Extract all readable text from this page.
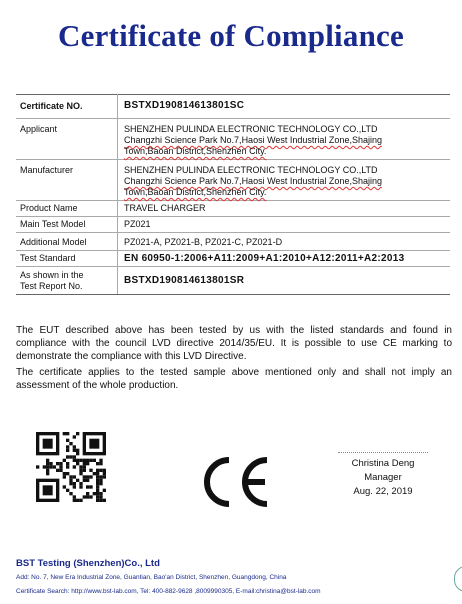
Certificate of Compliance
Certificate NO.	BSTXD190814613801SC
Applicant	SHENZHEN PULINDA ELECTRONIC TECHNOLOGY CO.,LTD
Changzhi Science Park No.7,Haosi West Industrial Zone,Shajing
Town,Baoan District,Shenzhen City.

Manufacturer	SHENZHEN PULINDA ELECTRONIC TECHNOLOGY CO.,LTD
Changzhi Science Park No.7,Haosi West Industrial Zone,Shajing
Town,Baoan District,Shenzhen City.

Product Name	TRAVEL CHARGER
Main Test Model	PZ021
Additional Model	PZ021-A, PZ021-B, PZ021-C, PZ021-D
Test Standard	EN 60950-1:2006+A11:2009+A1:2010+A12:2011+A2:2013

As shown in the
Test Report No.	BSTXD190814613801SR

The EUT described above has been tested by us with the listed standards and found in compliance with the council LVD directive 2014/35/EU. It is possible to use CE marking to demonstrate the compliance with this LVD Directive.

The certificate applies to the tested sample above mentioned only and shall not imply an assessment of the whole production.

Christina Deng
Manager
Aug. 22, 2019
BST Testing (Shenzhen)Co., Ltd
Add: No. 7, New Era Industrial Zone, Guantian, Bao'an District, Shenzhen, Guangdong, China
Certificate Search: http://www.bst-lab.com, Tel: 400-882-9628 ,8009990305, E-mail:christina@bst-lab.com
